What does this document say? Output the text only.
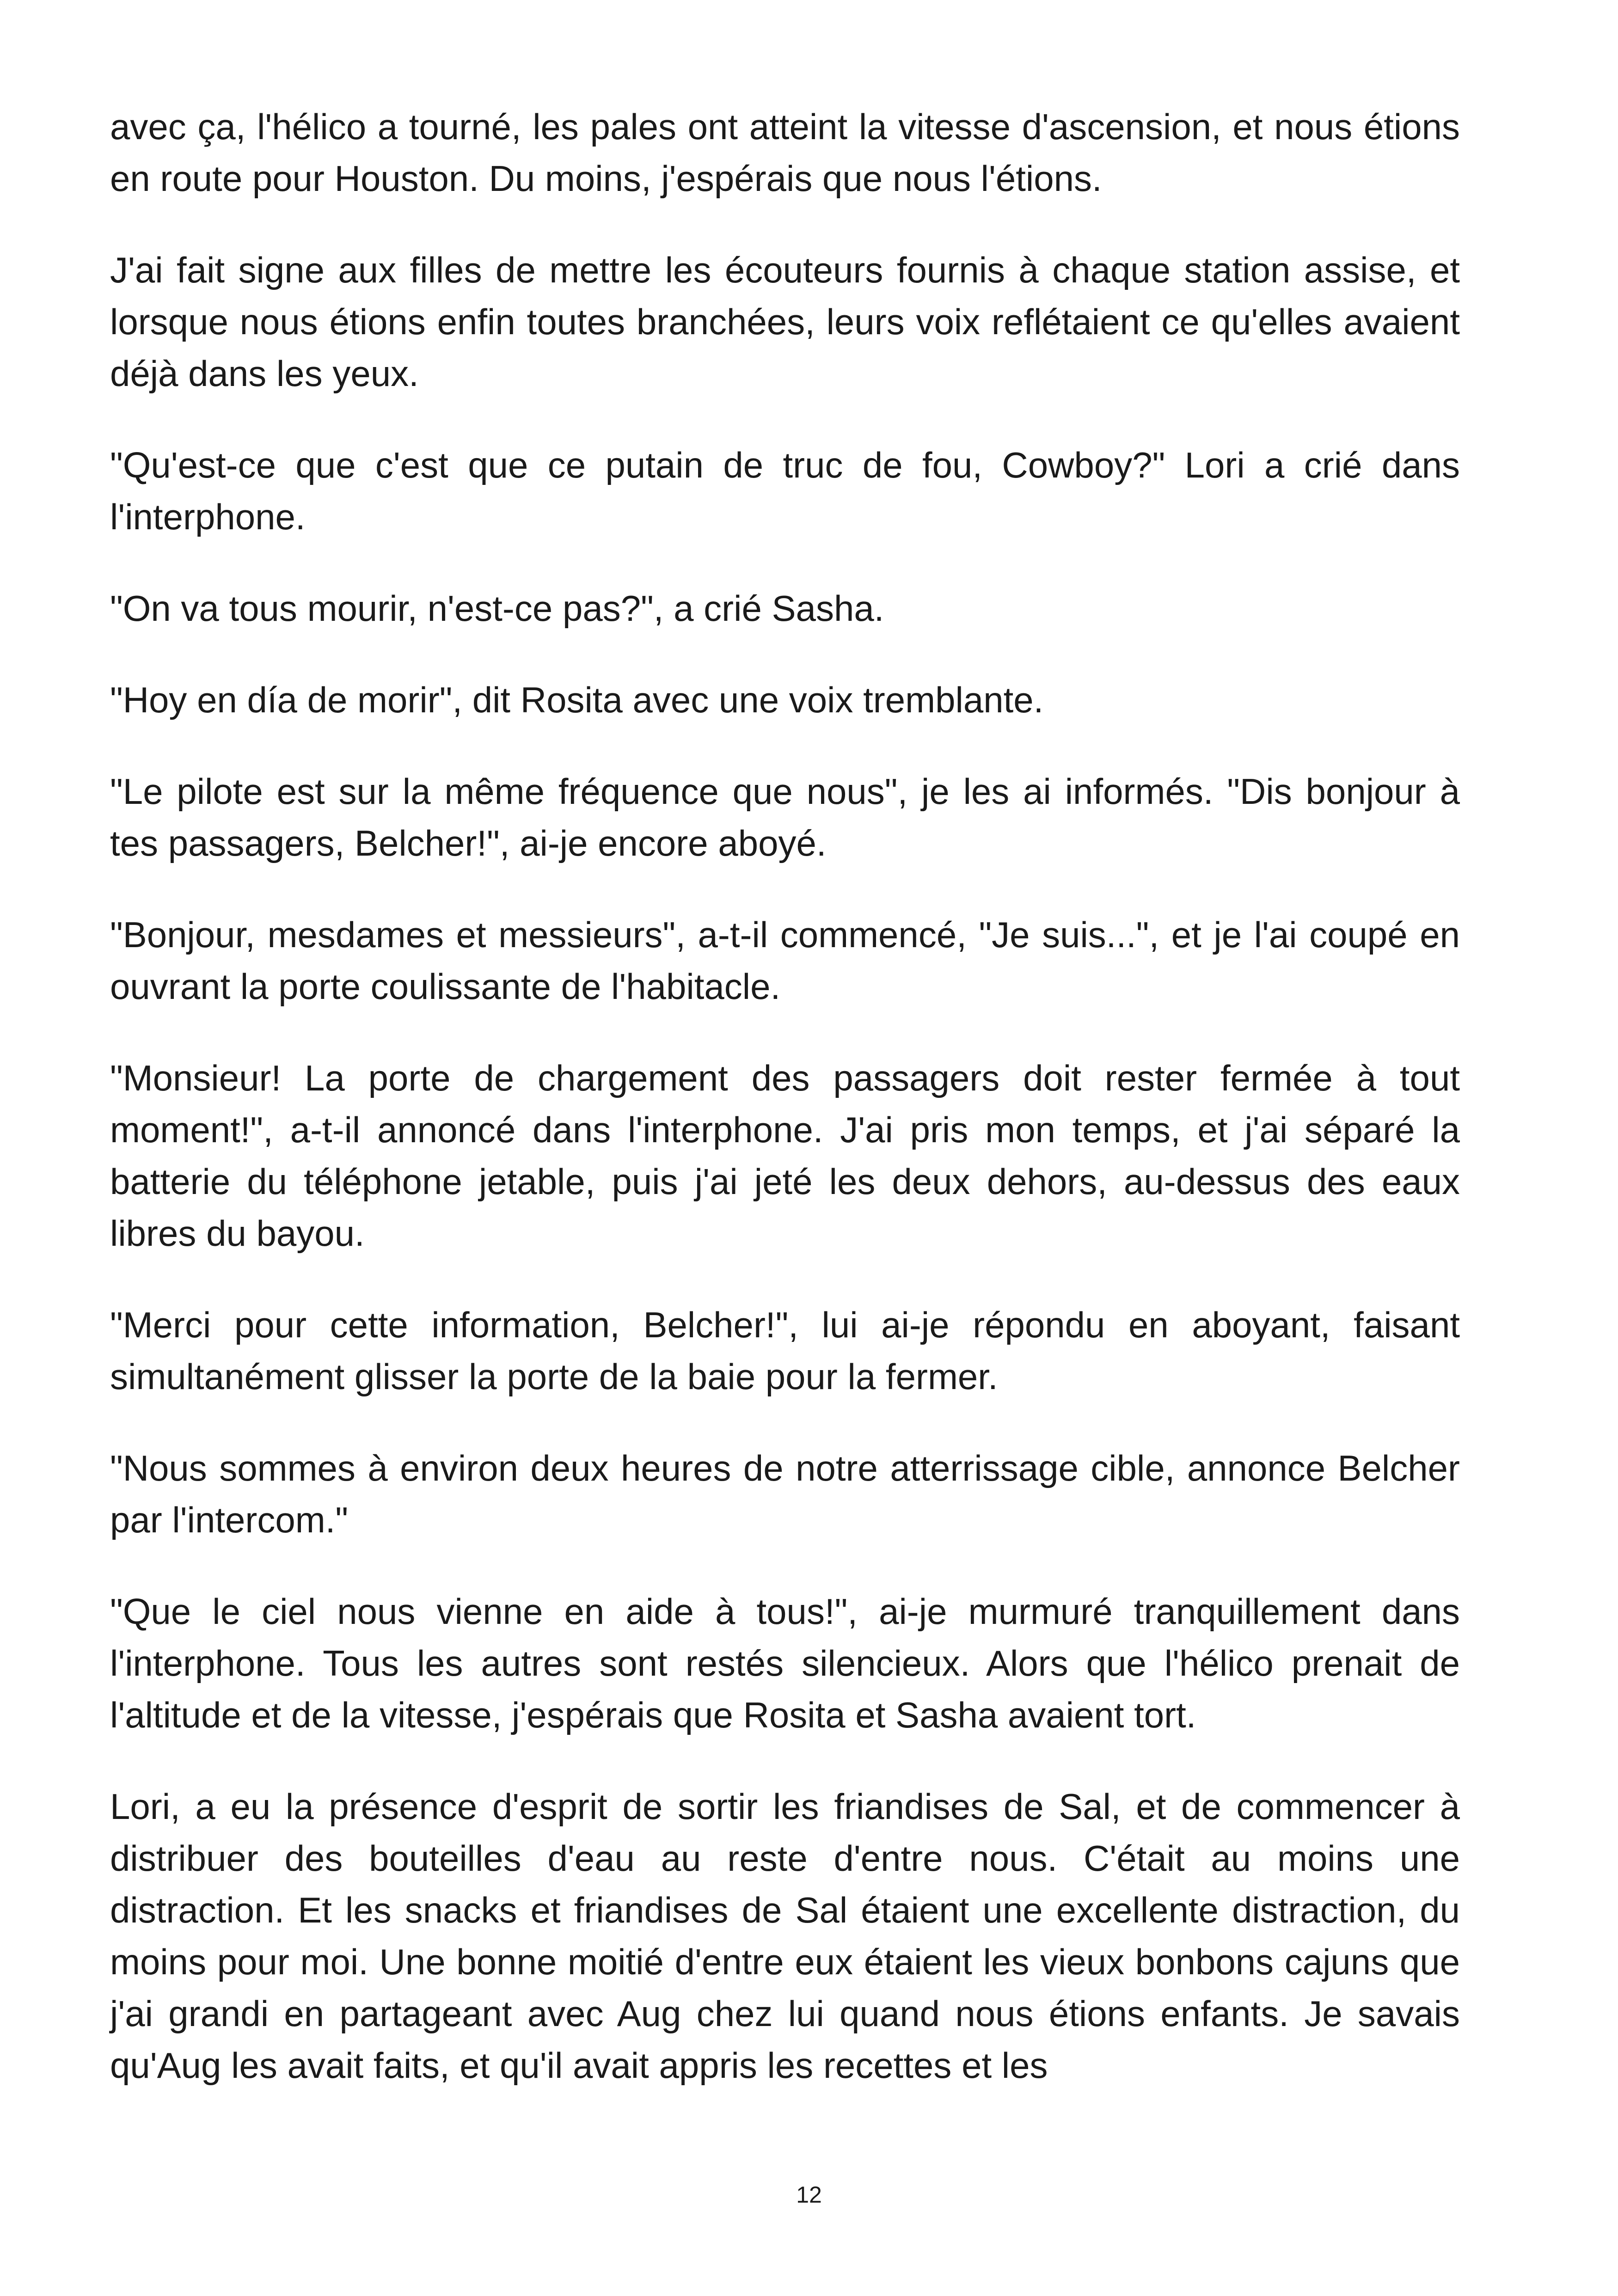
avec ça, l'hélico a tourné, les pales ont atteint la vitesse d'ascension, et nous étions en route pour Houston. Du moins, j'espérais que nous l'étions.

J'ai fait signe aux filles de mettre les écouteurs fournis à chaque station assise, et lorsque nous étions enfin toutes branchées, leurs voix reflétaient ce qu'elles avaient déjà dans les yeux.

"Qu'est-ce que c'est que ce putain de truc de fou, Cowboy?" Lori a crié dans l'interphone.

"On va tous mourir, n'est-ce pas?", a crié Sasha.

"Hoy en día de morir", dit Rosita avec une voix tremblante.

"Le pilote est sur la même fréquence que nous", je les ai informés. "Dis bonjour à tes passagers, Belcher!", ai-je encore aboyé.

"Bonjour, mesdames et messieurs", a-t-il commencé, "Je suis...", et je l'ai coupé en ouvrant la porte coulissante de l'habitacle.

"Monsieur! La porte de chargement des passagers doit rester fermée à tout moment!", a-t-il annoncé dans l'interphone. J'ai pris mon temps, et j'ai séparé la batterie du téléphone jetable, puis j'ai jeté les deux dehors, au-dessus des eaux libres du bayou.

"Merci pour cette information, Belcher!", lui ai-je répondu en aboyant, faisant simultanément glisser la porte de la baie pour la fermer.

"Nous sommes à environ deux heures de notre atterrissage cible, annonce Belcher par l'intercom."

"Que le ciel nous vienne en aide à tous!", ai-je murmuré tranquillement dans l'interphone. Tous les autres sont restés silencieux. Alors que l'hélico prenait de l'altitude et de la vitesse, j'espérais que Rosita et Sasha avaient tort.

Lori, a eu la présence d'esprit de sortir les friandises de Sal, et de commencer à distribuer des bouteilles d'eau au reste d'entre nous. C'était au moins une distraction. Et les snacks et friandises de Sal étaient une excellente distraction, du moins pour moi. Une bonne moitié d'entre eux étaient les vieux bonbons cajuns que j'ai grandi en partageant avec Aug chez lui quand nous étions enfants. Je savais qu'Aug les avait faits, et qu'il avait appris les recettes et les

12
